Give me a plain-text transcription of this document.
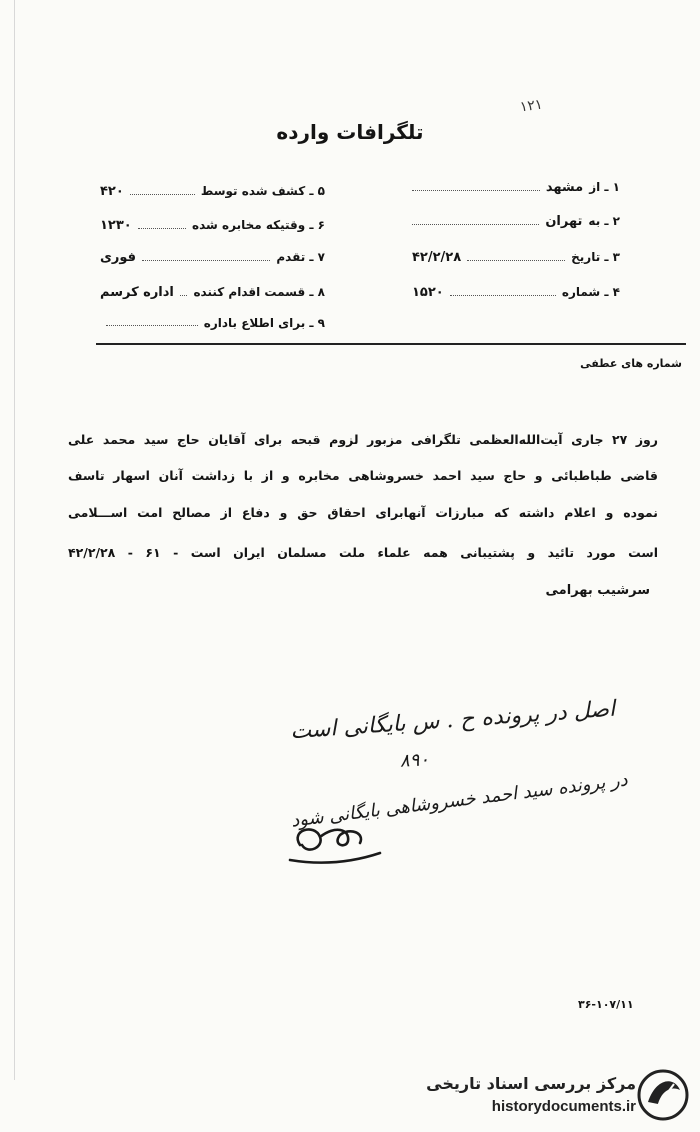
۱۲۱
تلگرافات وارده
۱ ـ از
مشهد
۲ ـ به
تهران
۳ ـ تاریخ
۴۲/۲/۲۸
۴ ـ شماره
۱۵۲۰
۵ ـ کشف شده توسط
۴۲۰
۶ ـ وقتیکه مخابره شده
۱۲۳۰
۷ ـ تقدم
فوری
۸ ـ قسمت اقدام کننده
اداره کرسم
۹ ـ برای اطلاع باداره
شماره های عطفی
روز ۲۷ جاری آیت‌الله‌العظمی تلگرافی مزبور لزوم قبحه برای آقایان حاج سید محمد علی
قاضی طباطبائی و حاج سید احمد خسروشاهی مخابره و از با زداشت آنان اسهار تاسف
نموده و اعلام داشته که مبارزات آنهابرای احقاق حق و دفاع از مصالح امت اســـلامی
است مورد تائید و پشتیبانی همه علماء ملت مسلمان ایران است - ۶۱ - ۴۲/۲/۲۸
سرشیب بهرامی
اصل در پرونده ح . س بایگانی است
۸۹۰
در پرونده سید احمد خسروشاهی بایگانی شود
۳۶-۱۰۷/۱۱
مرکز بررسی اسناد تاریخی
historydocuments.ir
